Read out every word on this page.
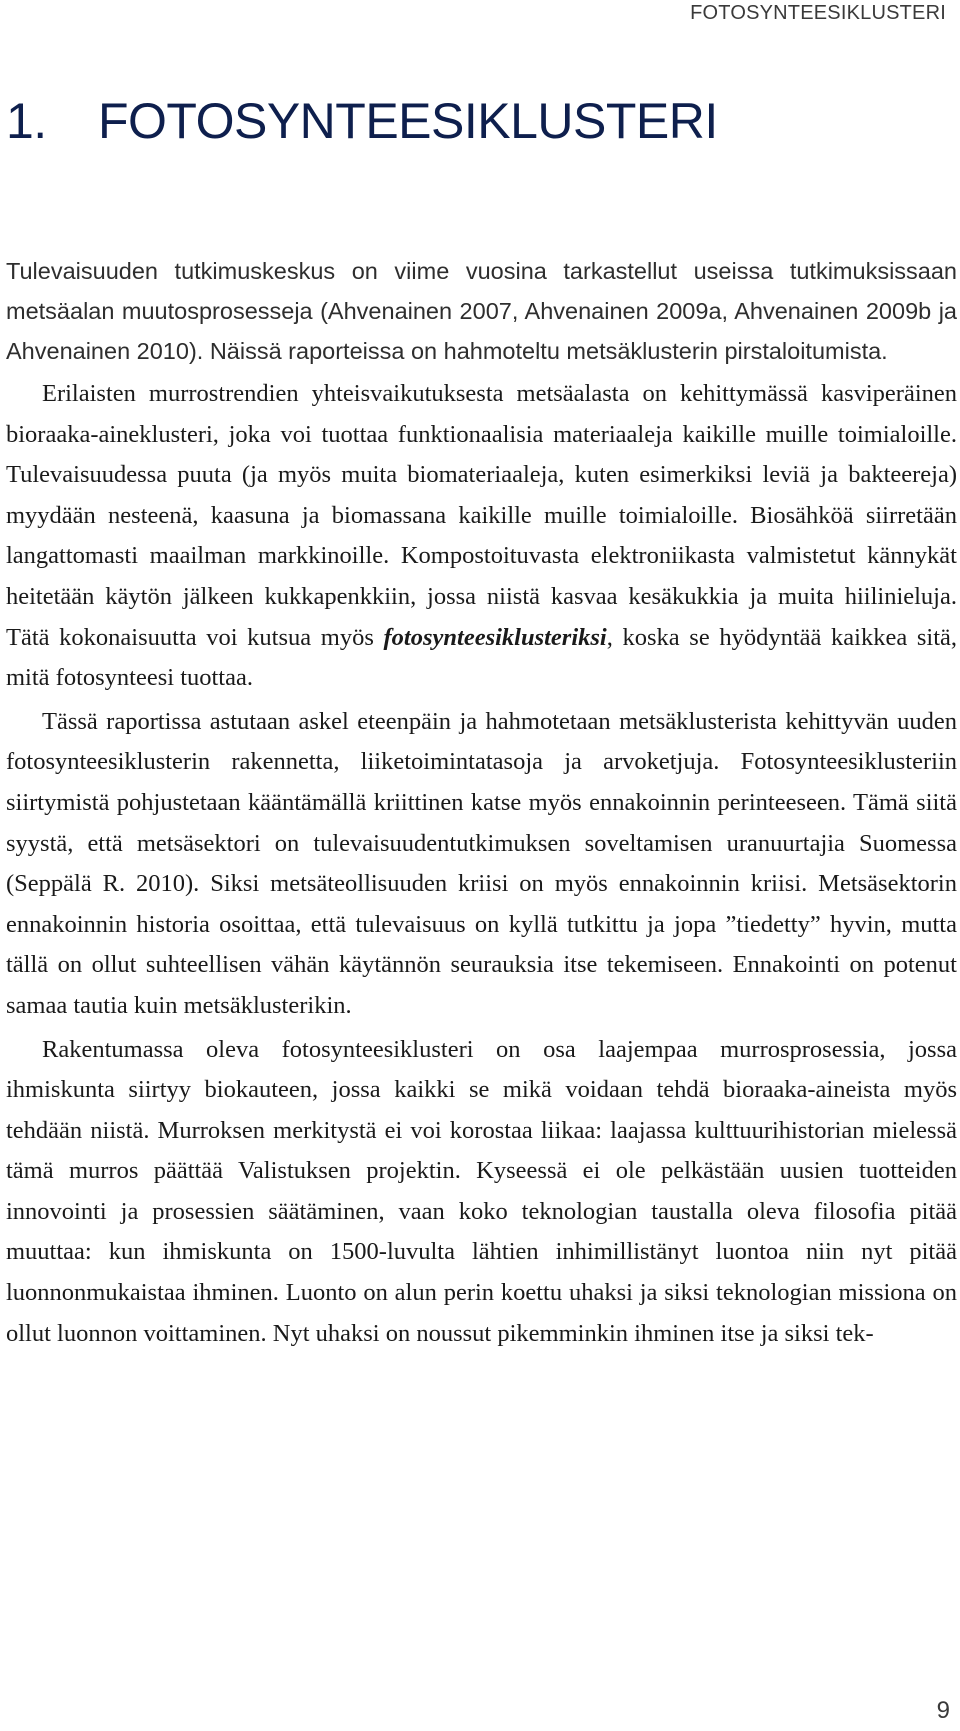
FOTOSYNTEESIKLUSTERI
1. FOTOSYNTEESIKLUSTERI

Tulevaisuuden tutkimuskeskus on viime vuosina tarkastellut useissa tutkimuksissaan metsäalan muutosprosesseja (Ahvenainen 2007, Ahvenainen 2009a, Ahvenainen 2009b ja Ahvenainen 2010). Näissä raporteissa on hahmoteltu metsäklusterin pirstaloitumista.

Erilaisten murrostrendien yhteisvaikutuksesta metsäalasta on kehittymässä kasviperäinen bioraaka-aineklusteri, joka voi tuottaa funktionaalisia materiaaleja kaikille muille toimialoille. Tulevaisuudessa puuta (ja myös muita biomateriaaleja, kuten esimerkiksi leviä ja bakteereja) myydään nesteenä, kaasuna ja biomassana kaikille muille toimialoille. Biosähköä siirretään langattomasti maailman markkinoille. Kompostoituvasta elektroniikasta valmistetut kännykät heitetään käytön jälkeen kukkapenkkiin, jossa niistä kasvaa kesäkukkia ja muita hiilinieluja. Tätä kokonaisuutta voi kutsua myös fotosynteesiklusteriksi, koska se hyödyntää kaikkea sitä, mitä fotosynteesi tuottaa.

Tässä raportissa astutaan askel eteenpäin ja hahmotetaan metsäklusterista kehittyvän uuden fotosynteesiklusterin rakennetta, liiketoimintatasoja ja arvoketjuja. Fotosynteesiklusteriin siirtymistä pohjustetaan kääntämällä kriittinen katse myös ennakoinnin perinteeseen. Tämä siitä syystä, että metsäsektori on tulevaisuudentutkimuksen soveltamisen uranuurtajia Suomessa (Seppälä R. 2010). Siksi metsäteollisuuden kriisi on myös ennakoinnin kriisi. Metsäsektorin ennakoinnin historia osoittaa, että tulevaisuus on kyllä tutkittu ja jopa ”tiedetty” hyvin, mutta tällä on ollut suhteellisen vähän käytännön seurauksia itse tekemiseen. Ennakointi on potenut samaa tautia kuin metsäklusterikin.

Rakentumassa oleva fotosynteesiklusteri on osa laajempaa murrosprosessia, jossa ihmiskunta siirtyy biokauteen, jossa kaikki se mikä voidaan tehdä bioraaka-aineista myös tehdään niistä. Murroksen merkitystä ei voi korostaa liikaa: laajassa kulttuurihistorian mielessä tämä murros päättää Valistuksen projektin. Kyseessä ei ole pelkästään uusien tuotteiden innovointi ja prosessien säätäminen, vaan koko teknologian taustalla oleva filosofia pitää muuttaa: kun ihmiskunta on 1500-luvulta lähtien inhimillistänyt luontoa niin nyt pitää luonnonmukaistaa ihminen. Luonto on alun perin koettu uhaksi ja siksi teknologian missiona on ollut luonnon voittaminen. Nyt uhaksi on noussut pikemminkin ihminen itse ja siksi tek-

9
